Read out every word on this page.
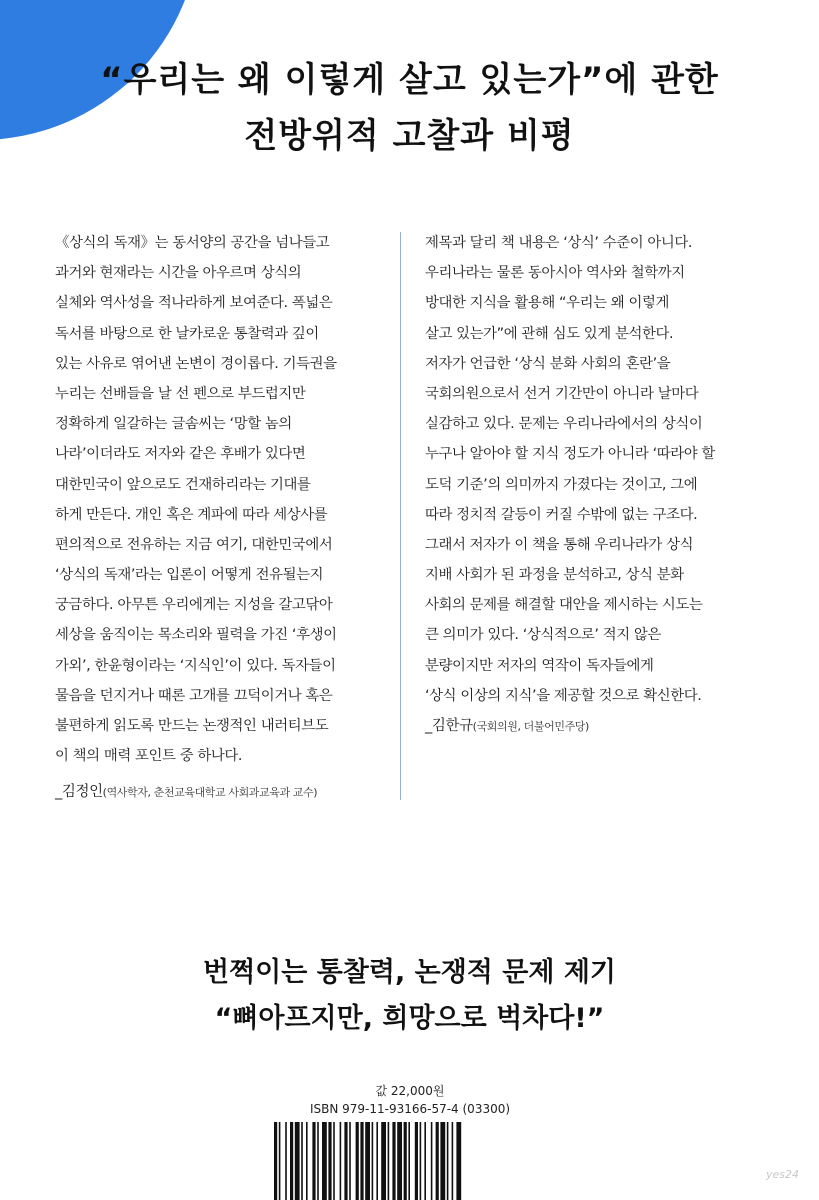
“우리는 왜 이렇게 살고 있는가”에 관한
전방위적 고찰과 비평
《상식의 독재》는 동서양의 공간을 넘나들고
과거와 현재라는 시간을 아우르며 상식의
실체와 역사성을 적나라하게 보여준다. 폭넓은
독서를 바탕으로 한 날카로운 통찰력과 깊이
있는 사유로 엮어낸 논변이 경이롭다. 기득권을
누리는 선배들을 날 선 펜으로 부드럽지만
정확하게 일갈하는 글솜씨는 ‘망할 놈의
나라’이더라도 저자와 같은 후배가 있다면
대한민국이 앞으로도 건재하리라는 기대를
하게 만든다. 개인 혹은 계파에 따라 세상사를
편의적으로 전유하는 지금 여기, 대한민국에서
‘상식의 독재’라는 입론이 어떻게 전유될는지
궁금하다. 아무튼 우리에게는 지성을 갈고닦아
세상을 움직이는 목소리와 필력을 가진 ‘후생이
가외’, 한윤형이라는 ‘지식인’이 있다. 독자들이
물음을 던지거나 때론 고개를 끄덕이거나 혹은
불편하게 읽도록 만드는 논쟁적인 내러티브도
이 책의 매력 포인트 중 하나다.
_김정인(역사학자, 춘천교육대학교 사회과교육과 교수)
제목과 달리 책 내용은 ‘상식’ 수준이 아니다.
우리나라는 물론 동아시아 역사와 철학까지
방대한 지식을 활용해 “우리는 왜 이렇게
살고 있는가”에 관해 심도 있게 분석한다.
저자가 언급한 ‘상식 분화 사회의 혼란’을
국회의원으로서 선거 기간만이 아니라 날마다
실감하고 있다. 문제는 우리나라에서의 상식이
누구나 알아야 할 지식 정도가 아니라 ‘따라야 할
도덕 기준’의 의미까지 가졌다는 것이고, 그에
따라 정치적 갈등이 커질 수밖에 없는 구조다.
그래서 저자가 이 책을 통해 우리나라가 상식
지배 사회가 된 과정을 분석하고, 상식 분화
사회의 문제를 해결할 대안을 제시하는 시도는
큰 의미가 있다. ‘상식적으로’ 적지 않은
분량이지만 저자의 역작이 독자들에게
‘상식 이상의 지식’을 제공할 것으로 확신한다.
_김한규(국회의원, 더불어민주당)
번쩍이는 통찰력, 논쟁적 문제 제기
“뼈아프지만, 희망으로 벅차다!”
값 22,000원
ISBN 979-11-93166-57-4 (03300)
yes24
